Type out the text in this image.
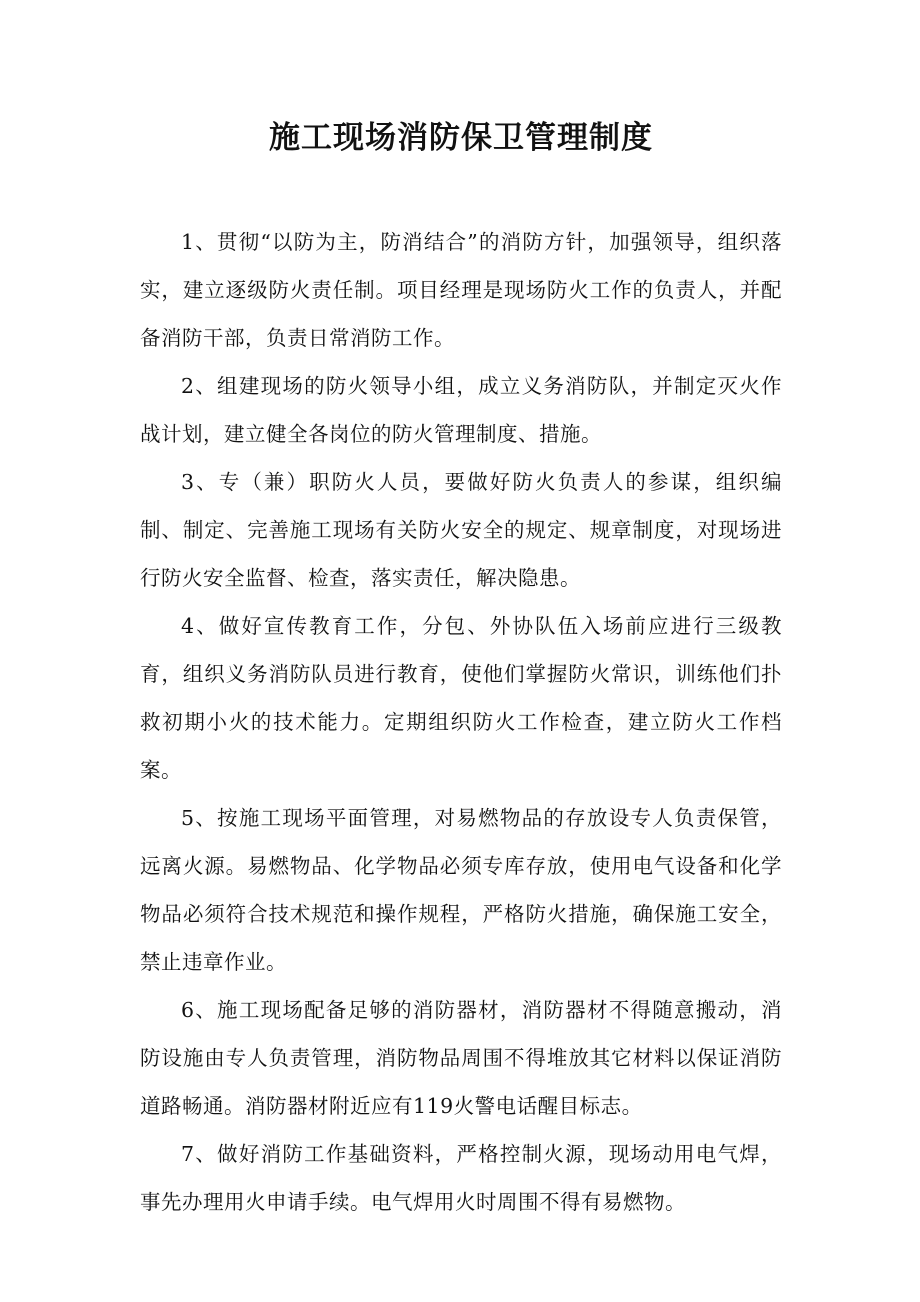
施工现场消防保卫管理制度

1、贯彻“以防为主，防消结合”的消防方针，加强领导，组织落实，建立逐级防火责任制。项目经理是现场防火工作的负责人，并配备消防干部，负责日常消防工作。

2、组建现场的防火领导小组，成立义务消防队，并制定灭火作战计划，建立健全各岗位的防火管理制度、措施。

3、专（兼）职防火人员，要做好防火负责人的参谋，组织编制、制定、完善施工现场有关防火安全的规定、规章制度，对现场进行防火安全监督、检查，落实责任，解决隐患。

4、做好宣传教育工作，分包、外协队伍入场前应进行三级教育，组织义务消防队员进行教育，使他们掌握防火常识，训练他们扑救初期小火的技术能力。定期组织防火工作检查，建立防火工作档案。

5、按施工现场平面管理，对易燃物品的存放设专人负责保管，远离火源。易燃物品、化学物品必须专库存放，使用电气设备和化学物品必须符合技术规范和操作规程，严格防火措施，确保施工安全，禁止违章作业。

6、施工现场配备足够的消防器材，消防器材不得随意搬动，消防设施由专人负责管理，消防物品周围不得堆放其它材料以保证消防道路畅通。消防器材附近应有119火警电话醒目标志。

7、做好消防工作基础资料，严格控制火源，现场动用电气焊，事先办理用火申请手续。电气焊用火时周围不得有易燃物。
